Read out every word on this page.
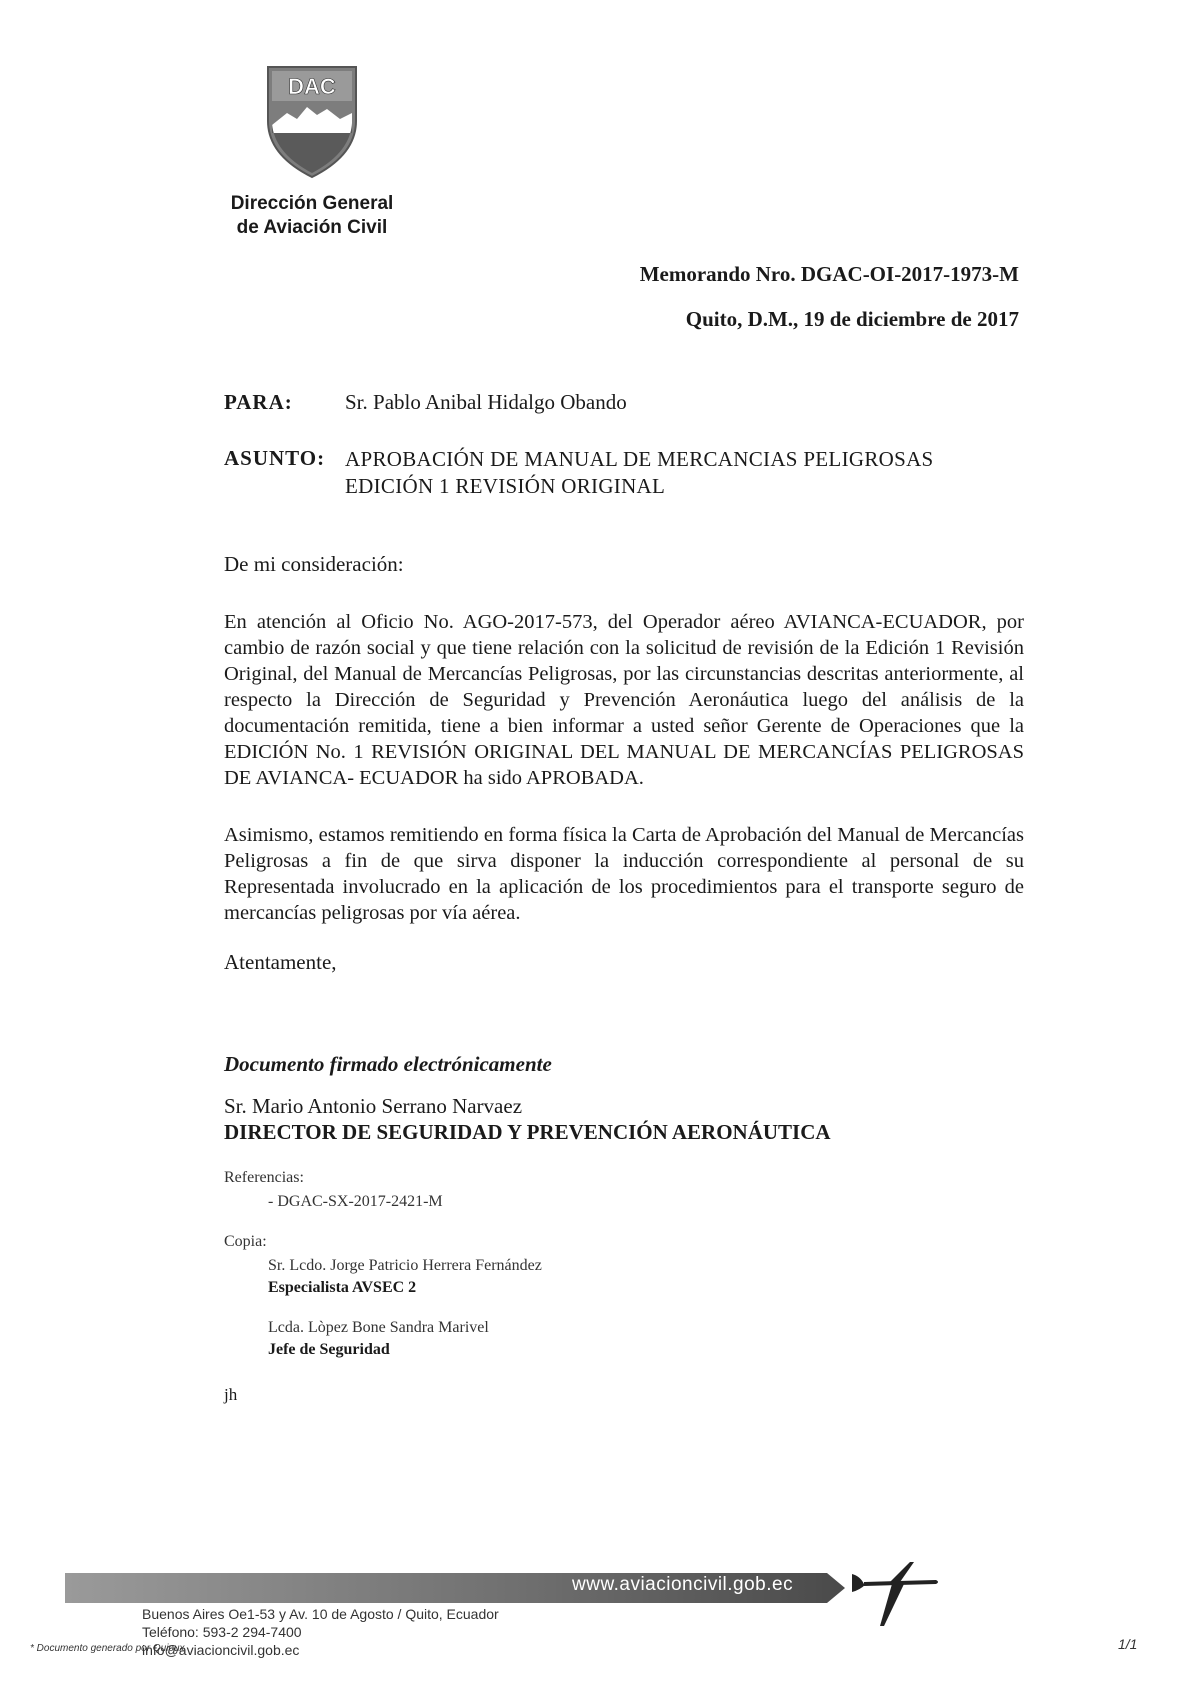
DAC
Dirección General
de Aviación Civil
Memorando Nro. DGAC-OI-2017-1973-M
Quito, D.M., 19 de diciembre de 2017
PARA: Sr. Pablo Anibal Hidalgo Obando
ASUNTO: APROBACIÓN DE MANUAL DE MERCANCIAS PELIGROSAS
EDICIÓN 1 REVISIÓN ORIGINAL
De mi consideración:

En atención al Oficio No. AGO-2017-573, del Operador aéreo AVIANCA-ECUADOR, por cambio de razón social y que tiene relación con la solicitud de revisión de la Edición 1 Revisión Original, del Manual de Mercancías Peligrosas, por las circunstancias descritas anteriormente, al respecto la Dirección de Seguridad y Prevención Aeronáutica luego del análisis de la documentación remitida, tiene a bien informar a usted señor Gerente de Operaciones que la EDICIÓN No. 1 REVISIÓN ORIGINAL DEL MANUAL DE MERCANCÍAS PELIGROSAS DE AVIANCA- ECUADOR ha sido APROBADA.

Asimismo, estamos remitiendo en forma física la Carta de Aprobación del Manual de Mercancías Peligrosas a fin de que sirva disponer la inducción correspondiente al personal de su Representada involucrado en la aplicación de los procedimientos para el transporte seguro de mercancías peligrosas por vía aérea.

Atentamente,
Documento firmado electrónicamente
Sr. Mario Antonio Serrano Narvaez
DIRECTOR DE SEGURIDAD Y PREVENCIÓN AERONÁUTICA
Referencias:
- DGAC-SX-2017-2421-M
Copia:
Sr. Lcdo. Jorge Patricio Herrera Fernández
Especialista AVSEC 2
Lcda. Lòpez Bone Sandra Marivel
Jefe de Seguridad
jh
www.aviacioncivil.gob.ec
Buenos Aires Oe1-53 y Av. 10 de Agosto / Quito, Ecuador
Teléfono: 593-2 294-7400
info@aviacioncivil.gob.ec
* Documento generado por Quipux	1/1
